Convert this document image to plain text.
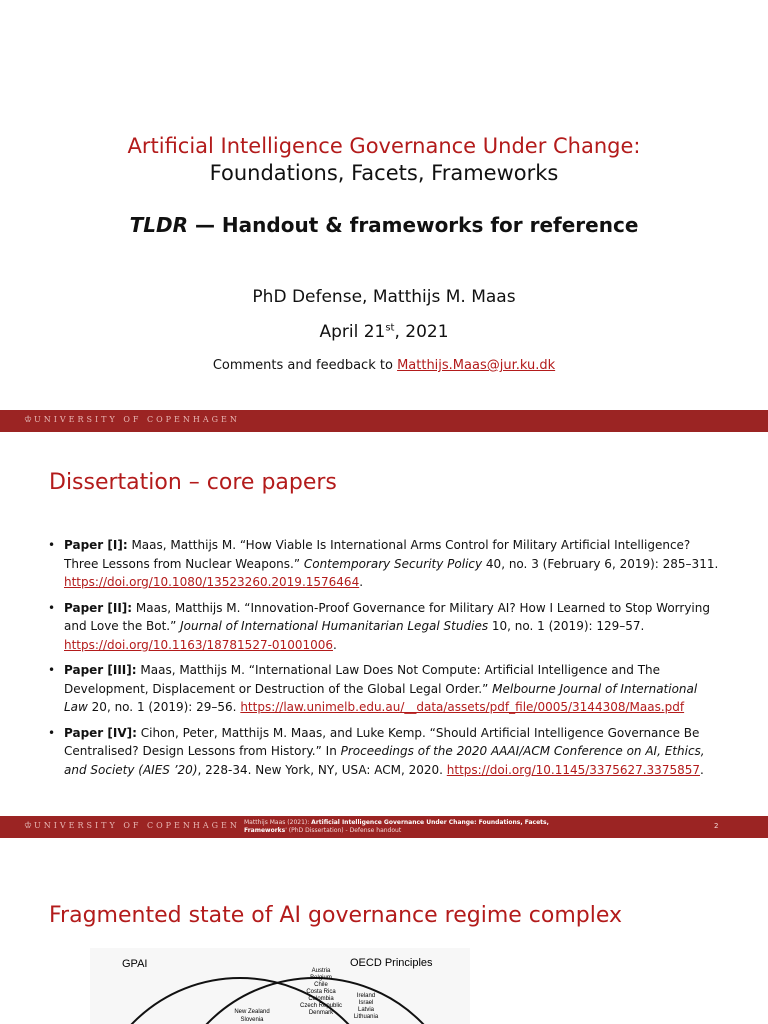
Artificial Intelligence Governance Under Change:
Foundations, Facets, Frameworks
TLDR — Handout & frameworks for reference
PhD Defense, Matthijs M. Maas
April 21st, 2021
Comments and feedback to Matthijs.Maas@jur.ku.dk
♔ UNIVERSITY OF COPENHAGEN
Dissertation – core papers
• Paper [I]: Maas, Matthijs M. “How Viable Is International Arms Control for Military Artificial Intelligence? Three Lessons from Nuclear Weapons.” Contemporary Security Policy 40, no. 3 (February 6, 2019): 285–311. https://doi.org/10.1080/13523260.2019.1576464.
• Paper [II]: Maas, Matthijs M. “Innovation-Proof Governance for Military AI? How I Learned to Stop Worrying and Love the Bot.” Journal of International Humanitarian Legal Studies 10, no. 1 (2019): 129–57. https://doi.org/10.1163/18781527-01001006.
• Paper [III]: Maas, Matthijs M. “International Law Does Not Compute: Artificial Intelligence and The Development, Displacement or Destruction of the Global Legal Order.” Melbourne Journal of International Law 20, no. 1 (2019): 29–56. https://law.unimelb.edu.au/__data/assets/pdf_file/0005/3144308/Maas.pdf
• Paper [IV]: Cihon, Peter, Matthijs M. Maas, and Luke Kemp. “Should Artificial Intelligence Governance Be Centralised? Design Lessons from History.” In Proceedings of the 2020 AAAI/ACM Conference on AI, Ethics, and Society (AIES ’20), 228-34. New York, NY, USA: ACM, 2020. https://doi.org/10.1145/3375627.3375857.
♔ UNIVERSITY OF COPENHAGEN Matthijs Maas (2021): Artificial Intelligence Governance Under Change: Foundations, Facets, Frameworks' (PhD Dissertation) - Defense handout
2
Fragmented state of AI governance regime complex
GPAI	OECD Principles
New Zealand
Slovenia
Austria
Belgium
Chile
Costa Rica
Colombia
Czech Republic
Denmark
Ireland
Israel
Latvia
Lithuania
